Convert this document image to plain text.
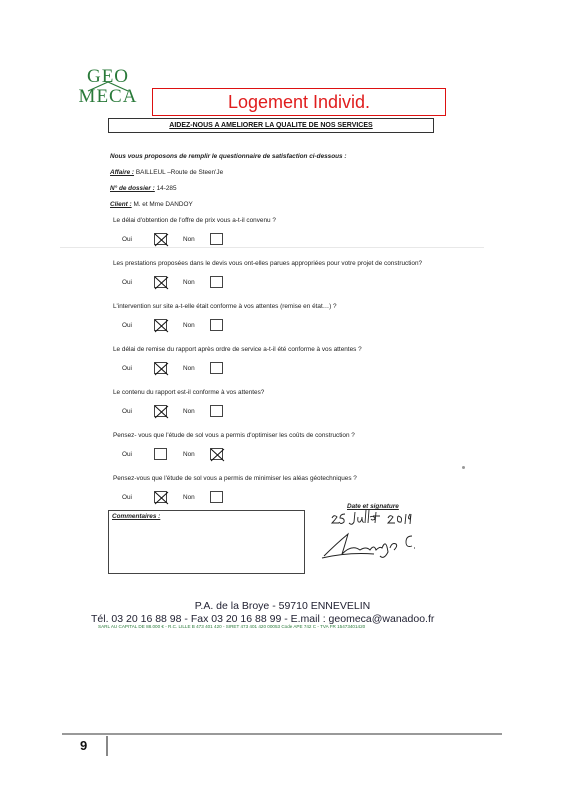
GEO
MECA	Logement Individ.
AIDEZ-NOUS A AMELIORER LA QUALITE DE NOS SERVICES
Nous vous proposons de remplir le questionnaire de satisfaction ci-dessous :
Affaire : BAILLEUL –Route de Steen'Je
N° de dossier : 14-285
Client : M. et Mme DANDOY
Le délai d'obtention de l'offre de prix vous a-t-il convenu ?
Oui	Non
Les prestations proposées dans le devis vous ont-elles parues appropriées pour votre projet de construction?
Oui	Non
L'intervention sur site a-t-elle était conforme à vos attentes (remise en état…) ?
Oui	Non
Le délai de remise du rapport après ordre de service a-t-il été conforme à vos attentes ?
Oui	Non
Le contenu du rapport est-il conforme à vos attentes?
Oui	Non
Pensez- vous que l'étude de sol vous a permis d'optimiser les coûts de construction ?
Oui	Non
Pensez-vous que l'étude de sol vous a permis de minimiser les aléas géotechniques ?
Oui	Non
Commentaires :
Date et signature
P.A. de la Broye - 59710 ENNEVELIN
Tél. 03 20 16 88 98 - Fax 03 20 16 88 99 - E.mail : geomeca@wanadoo.fr
SARL AU CAPITAL DE 88.000 € - R.C. LILLE B 473 401 420 - SIRET 473 401 420 00053 Code APE 742 C - TVA FR 15473401420
9
